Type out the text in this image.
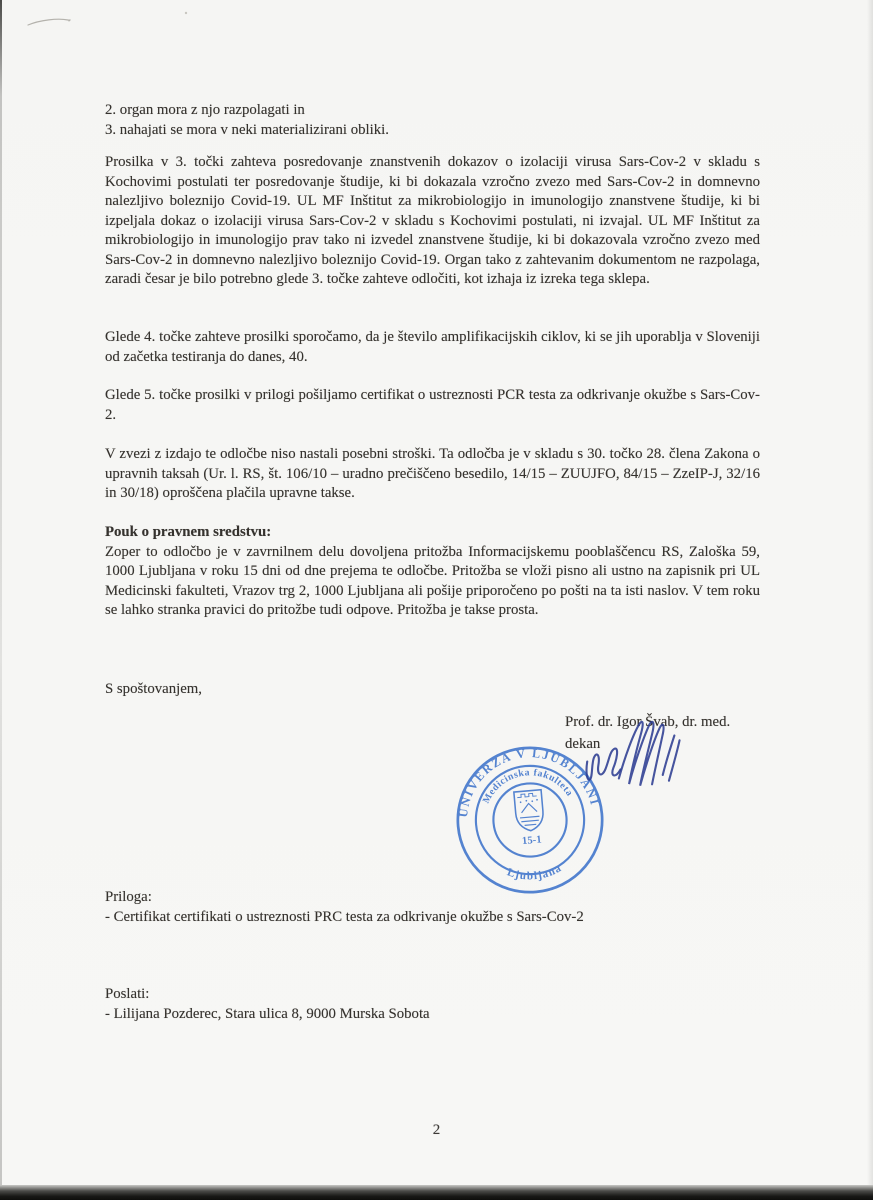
2. organ mora z njo razpolagati in
3. nahajati se mora v neki materializirani obliki.

Prosilka v 3. točki zahteva posredovanje znanstvenih dokazov o izolaciji virusa Sars-Cov-2 v skladu s Kochovimi postulati ter posredovanje študije, ki bi dokazala vzročno zvezo med Sars-Cov-2 in domnevno nalezljivo boleznijo Covid-19. UL MF Inštitut za mikrobiologijo in imunologijo znanstvene študije, ki bi izpeljala dokaz o izolaciji virusa Sars-Cov-2 v skladu s Kochovimi postulati, ni izvajal. UL MF Inštitut za mikrobiologijo in imunologijo prav tako ni izvedel znanstvene študije, ki bi dokazovala vzročno zvezo med Sars-Cov-2 in domnevno nalezljivo boleznijo Covid-19. Organ tako z zahtevanim dokumentom ne razpolaga, zaradi česar je bilo potrebno glede 3. točke zahteve odločiti, kot izhaja iz izreka tega sklepa.

Glede 4. točke zahteve prosilki sporočamo, da je število amplifikacijskih ciklov, ki se jih uporablja v Sloveniji od začetka testiranja do danes, 40.

Glede 5. točke prosilki v prilogi pošiljamo certifikat o ustreznosti PCR testa za odkrivanje okužbe s Sars-Cov-2.

V zvezi z izdajo te odločbe niso nastali posebni stroški. Ta odločba je v skladu s 30. točko 28. člena Zakona o upravnih taksah (Ur. l. RS, št. 106/10 – uradno prečiščeno besedilo, 14/15 – ZUUJFO, 84/15 – ZzeIP-J, 32/16 in 30/18) oproščena plačila upravne takse.

Pouk o pravnem sredstvu:

Zoper to odločbo je v zavrnilnem delu dovoljena pritožba Informacijskemu pooblaščencu RS, Zaloška 59, 1000 Ljubljana v roku 15 dni od dne prejema te odločbe. Pritožba se vloži pisno ali ustno na zapisnik pri UL Medicinski fakulteti, Vrazov trg 2, 1000 Ljubljana ali pošije priporočeno po pošti na ta isti naslov. V tem roku se lahko stranka pravici do pritožbe tudi odpove. Pritožba je takse prosta.

S spoštovanjem,
Prof. dr. Igor Švab, dr. med.
dekan
UNIVERZA V LJUBLJANI
Medicinska fakulteta
Ljubljana
15-1
Priloga:
- Certifikat certifikati o ustreznosti PRC testa za odkrivanje okužbe s Sars-Cov-2
Poslati:
- Lilijana Pozderec, Stara ulica 8, 9000 Murska Sobota
2
